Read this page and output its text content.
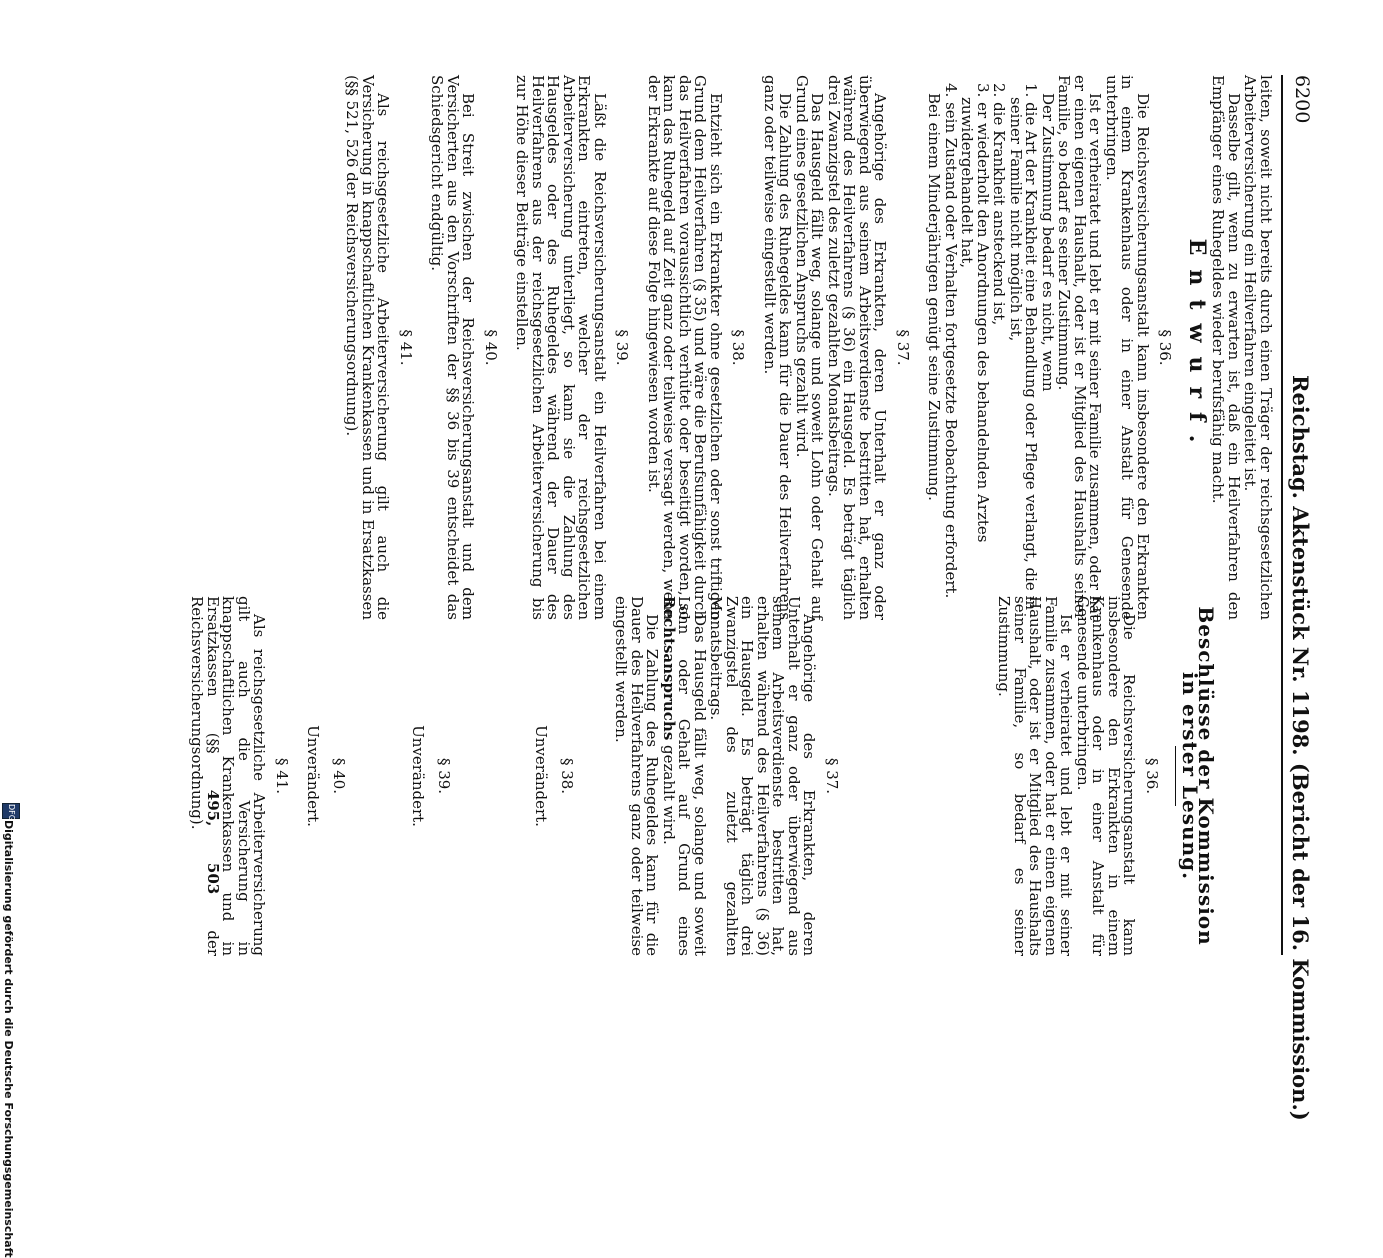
6200
Reichstag. Aktenstück Nr. 1198. (Bericht der 16. Kommission.)

leiten, soweit nicht bereits durch einen Träger der reichsgesetzlichen Arbeiterversicherung ein Heilverfahren eingeleitet ist.

Dasselbe gilt, wenn zu erwarten ist, daß ein Heilverfahren den Empfänger eines Ruhegeldes wieder berufsfähig macht.

Entwurf.
§ 36.

Die Reichsversicherungsanstalt kann insbesondere den Erkrankten in einem Krankenhaus oder in einer Anstalt für Genesende unterbringen.

Ist er verheiratet und lebt er mit seiner Familie zusammen, oder hat er einen eigenen Haushalt, oder ist er Mitglied des Haushalts seiner Familie, so bedarf es seiner Zustimmung.

Der Zustimmung bedarf es nicht, wenn

1. die Art der Krankheit eine Behandlung oder Pflege verlangt, die in seiner Familie nicht möglich ist,

2. die Krankheit ansteckend ist,

3. er wiederholt den Anordnungen des behandelnden Arztes zuwidergehandelt hat,

4. sein Zustand oder Verhalten fortgesetzte Beobachtung erfordert.

Bei einem Minderjährigen genügt seine Zustimmung.

§ 37.

Angehörige des Erkrankten, deren Unterhalt er ganz oder überwiegend aus seinem Arbeitsverdienste bestritten hat, erhalten während des Heilverfahrens (§ 36) ein Hausgeld. Es beträgt täglich drei Zwanzigstel des zuletzt gezahlten Monatsbeitrags.

Das Hausgeld fällt weg, solange und soweit Lohn oder Gehalt auf Grund eines gesetzlichen Anspruchs gezahlt wird.

Die Zahlung des Ruhegeldes kann für die Dauer des Heilverfahrens ganz oder teilweise eingestellt werden.

§ 38.

Entzieht sich ein Erkrankter ohne gesetzlichen oder sonst triftigen Grund dem Heilverfahren (§ 35) und wäre die Berufsunfähigkeit durch das Heilverfahren voraussichtlich verhütet oder beseitigt worden, so kann das Ruhegeld auf Zeit ganz oder teilweise versagt werden, wenn der Erkrankte auf diese Folge hingewiesen worden ist.

§ 39.

Läßt die Reichsversicherungsanstalt ein Heilverfahren bei einem Erkrankten eintreten, welcher der reichsgesetzlichen Arbeiterversicherung unterliegt, so kann sie die Zahlung des Hausgeldes oder des Ruhegeldes während der Dauer des Heilverfahrens aus der reichsgesetzlichen Arbeiterversicherung bis zur Höhe dieser Beiträge einstellen.

§ 40.

Bei Streit zwischen der Reichsversicherungsanstalt und dem Versicherten aus den Vorschriften der §§ 36 bis 39 entscheidet das Schiedsgericht endgültig.

§ 41.

Als reichsgesetzliche Arbeiterversicherung gilt auch die Versicherung in knappschaftlichen Krankenkassen und in Ersatzkassen (§§ 521, 526 der Reichsversicherungsordnung).

Beschlüsse der Kommission in erster Lesung.
§ 36.

Die Reichsversicherungsanstalt kann insbesondere den Erkrankten in einem Krankenhaus oder in einer Anstalt für Genesende unterbringen.

Ist er verheiratet und lebt er mit seiner Familie zusammen, oder hat er einen eigenen Haushalt, oder ist er Mitglied des Haushalts seiner Familie, so bedarf es seiner Zustimmung.

§ 37.

Angehörige des Erkrankten, deren Unterhalt er ganz oder überwiegend aus seinem Arbeitsverdienste bestritten hat, erhalten während des Heilverfahrens (§ 36) ein Hausgeld. Es beträgt täglich drei Zwanzigstel des zuletzt gezahlten Monatsbeitrags.

Das Hausgeld fällt weg, solange und soweit Lohn oder Gehalt auf Grund eines Rechtsanspruchs gezahlt wird.

Die Zahlung des Ruhegeldes kann für die Dauer des Heilverfahrens ganz oder teilweise eingestellt werden.

§ 38.
Unverändert.
§ 39.
Unverändert.
§ 40.
Unverändert.
§ 41.

Als reichsgesetzliche Arbeiterversicherung gilt auch die Versicherung in knappschaftlichen Krankenkassen und in Ersatzkassen (§§ 495, 503 der Reichsversicherungsordnung).

DFG
Digitalisierung gefördert durch die Deutsche Forschungsgemeinschaft
